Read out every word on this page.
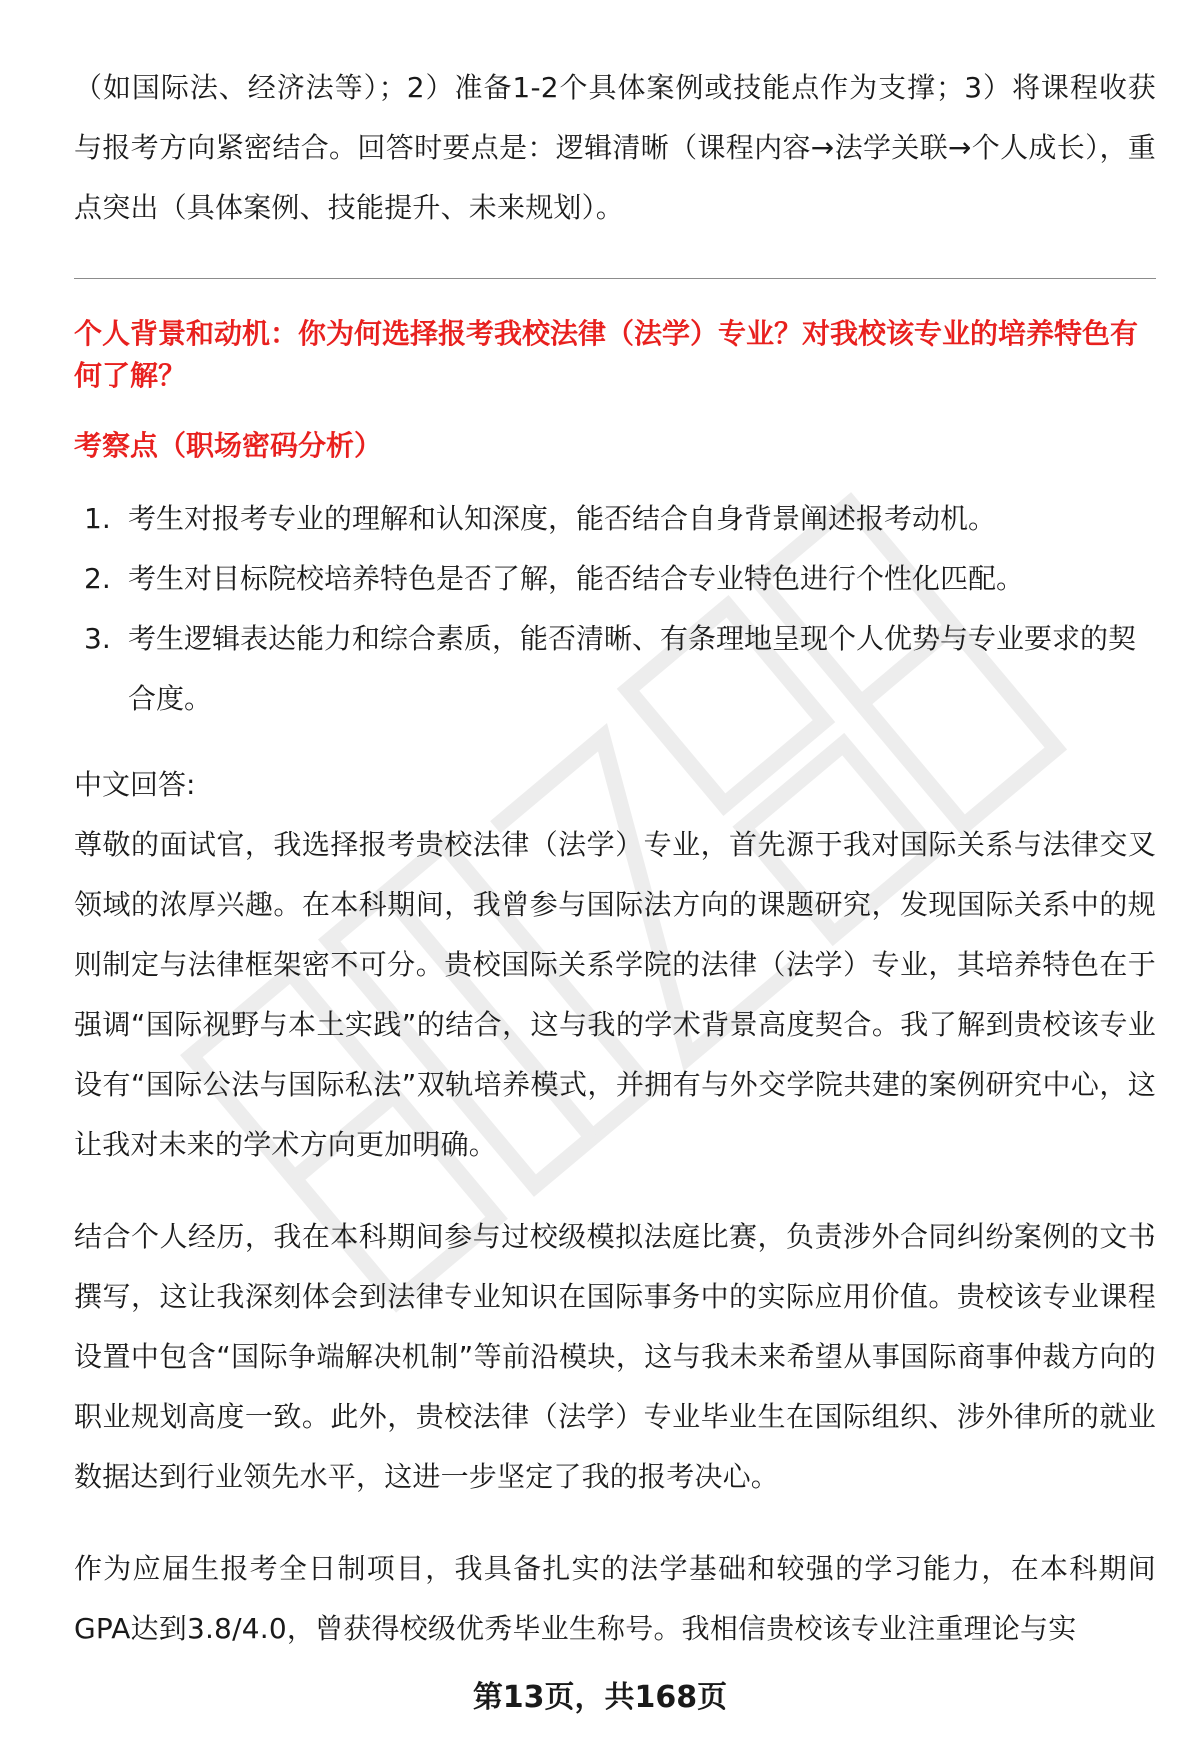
（如国际法、经济法等）；2）准备1-2个具体案例或技能点作为支撑；3）将课程收获与报考方向紧密结合。回答时要点是：逻辑清晰（课程内容→法学关联→个人成长），重点突出（具体案例、技能提升、未来规划）。

个人背景和动机：你为何选择报考我校法律（法学）专业？对我校该专业的培养特色有何了解？

考察点（职场密码分析）

1. 考生对报考专业的理解和认知深度，能否结合自身背景阐述报考动机。
2. 考生对目标院校培养特色是否了解，能否结合专业特色进行个性化匹配。
3. 考生逻辑表达能力和综合素质，能否清晰、有条理地呈现个人优势与专业要求的契合度。

中文回答:

尊敬的面试官，我选择报考贵校法律（法学）专业，首先源于我对国际关系与法律交叉领域的浓厚兴趣。在本科期间，我曾参与国际法方向的课题研究，发现国际关系中的规则制定与法律框架密不可分。贵校国际关系学院的法律（法学）专业，其培养特色在于强调“国际视野与本土实践”的结合，这与我的学术背景高度契合。我了解到贵校该专业设有“国际公法与国际私法”双轨培养模式，并拥有与外交学院共建的案例研究中心，这让我对未来的学术方向更加明确。

结合个人经历，我在本科期间参与过校级模拟法庭比赛，负责涉外合同纠纷案例的文书撰写，这让我深刻体会到法律专业知识在国际事务中的实际应用价值。贵校该专业课程设置中包含“国际争端解决机制”等前沿模块，这与我未来希望从事国际商事仲裁方向的职业规划高度一致。此外，贵校法律（法学）专业毕业生在国际组织、涉外律所的就业数据达到行业领先水平，这进一步坚定了我的报考决心。

作为应届生报考全日制项目，我具备扎实的法学基础和较强的学习能力，在本科期间GPA达到3.8/4.0，曾获得校级优秀毕业生称号。我相信贵校该专业注重理论与实

第13页，共168页
